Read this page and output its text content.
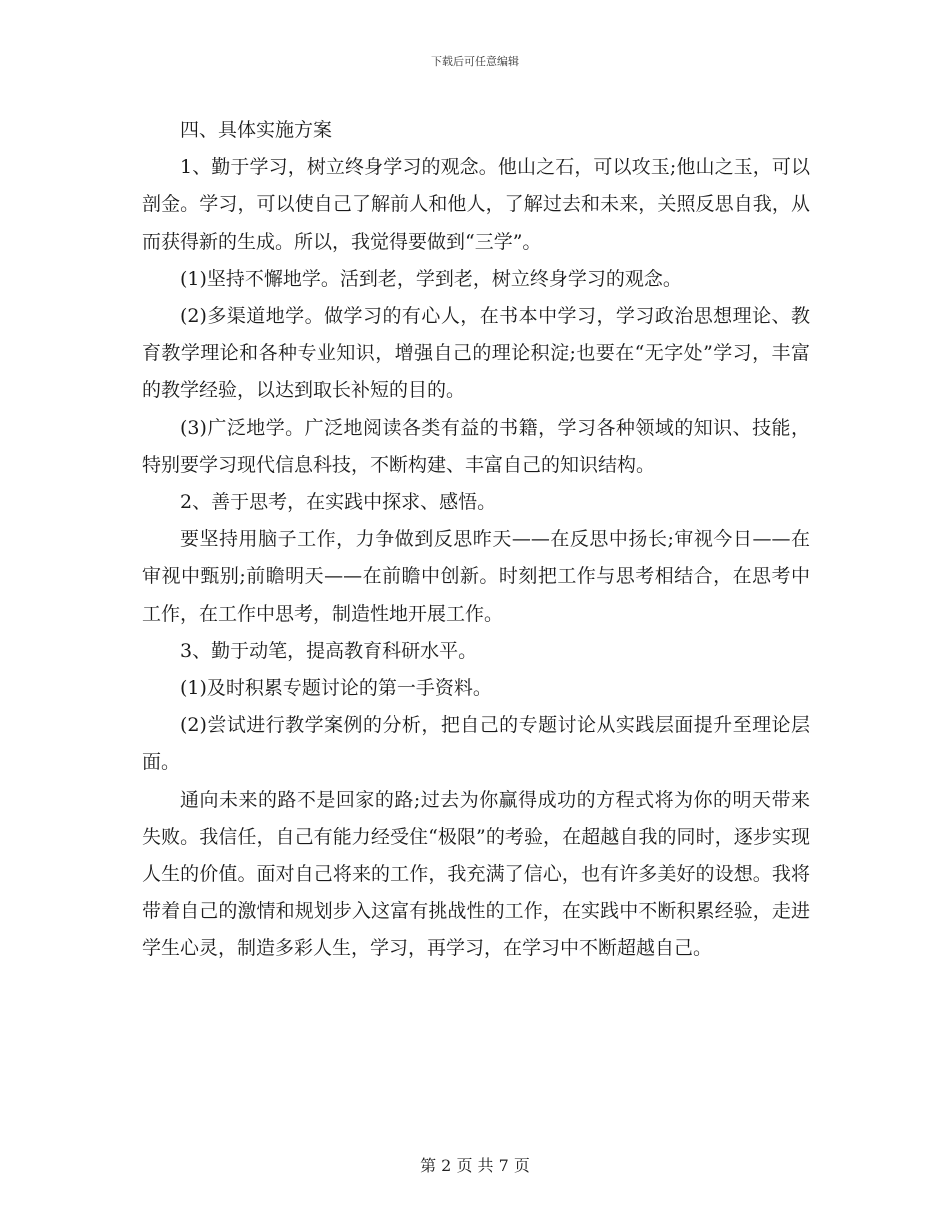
下载后可任意编辑

四、具体实施方案

1、勤于学习，树立终身学习的观念。他山之石，可以攻玉;他山之玉，可以剖金。学习，可以使自己了解前人和他人，了解过去和未来，关照反思自我，从而获得新的生成。所以，我觉得要做到“三学”。

(1)坚持不懈地学。活到老，学到老，树立终身学习的观念。

(2)多渠道地学。做学习的有心人，在书本中学习，学习政治思想理论、教育教学理论和各种专业知识，增强自己的理论积淀;也要在“无字处”学习，丰富的教学经验，以达到取长补短的目的。

(3)广泛地学。广泛地阅读各类有益的书籍，学习各种领域的知识、技能，特别要学习现代信息科技，不断构建、丰富自己的知识结构。

2、善于思考，在实践中探求、感悟。

要坚持用脑子工作，力争做到反思昨天——在反思中扬长;审视今日——在审视中甄别;前瞻明天——在前瞻中创新。时刻把工作与思考相结合，在思考中工作，在工作中思考，制造性地开展工作。

3、勤于动笔，提高教育科研水平。

(1)及时积累专题讨论的第一手资料。

(2)尝试进行教学案例的分析，把自己的专题讨论从实践层面提升至理论层面。

通向未来的路不是回家的路;过去为你赢得成功的方程式将为你的明天带来失败。我信任，自己有能力经受住“极限”的考验，在超越自我的同时，逐步实现人生的价值。面对自己将来的工作，我充满了信心，也有许多美好的设想。我将带着自己的激情和规划步入这富有挑战性的工作，在实践中不断积累经验，走进学生心灵，制造多彩人生，学习，再学习，在学习中不断超越自己。

第 2 页 共 7 页
